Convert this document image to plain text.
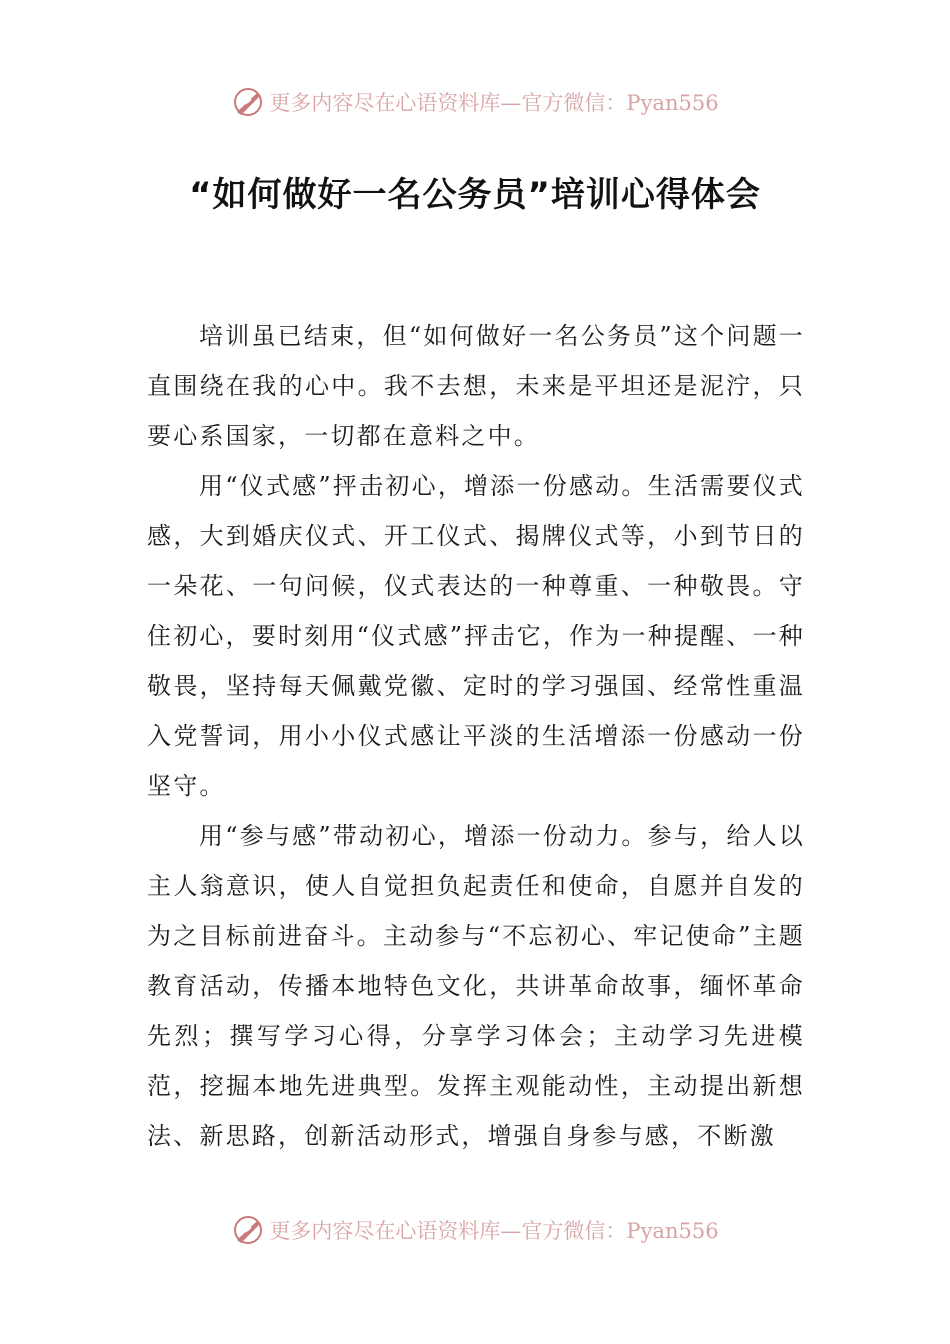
更多内容尽在心语资料库—官方微信：Pyan556
“如何做好一名公务员”培训心得体会

培训虽已结束，但“如何做好一名公务员”这个问题一直围绕在我的心中。我不去想，未来是平坦还是泥泞，只要心系国家，一切都在意料之中。

用“仪式感”抨击初心，增添一份感动。生活需要仪式感，大到婚庆仪式、开工仪式、揭牌仪式等，小到节日的一朵花、一句问候，仪式表达的一种尊重、一种敬畏。守住初心，要时刻用“仪式感”抨击它，作为一种提醒、一种敬畏，坚持每天佩戴党徽、定时的学习强国、经常性重温入党誓词，用小小仪式感让平淡的生活增添一份感动一份坚守。

用“参与感”带动初心，增添一份动力。参与，给人以主人翁意识，使人自觉担负起责任和使命，自愿并自发的为之目标前进奋斗。主动参与“不忘初心、牢记使命”主题教育活动，传播本地特色文化，共讲革命故事，缅怀革命先烈；撰写学习心得，分享学习体会；主动学习先进模范，挖掘本地先进典型。发挥主观能动性，主动提出新想法、新思路，创新活动形式，增强自身参与感，不断激

更多内容尽在心语资料库—官方微信：Pyan556
